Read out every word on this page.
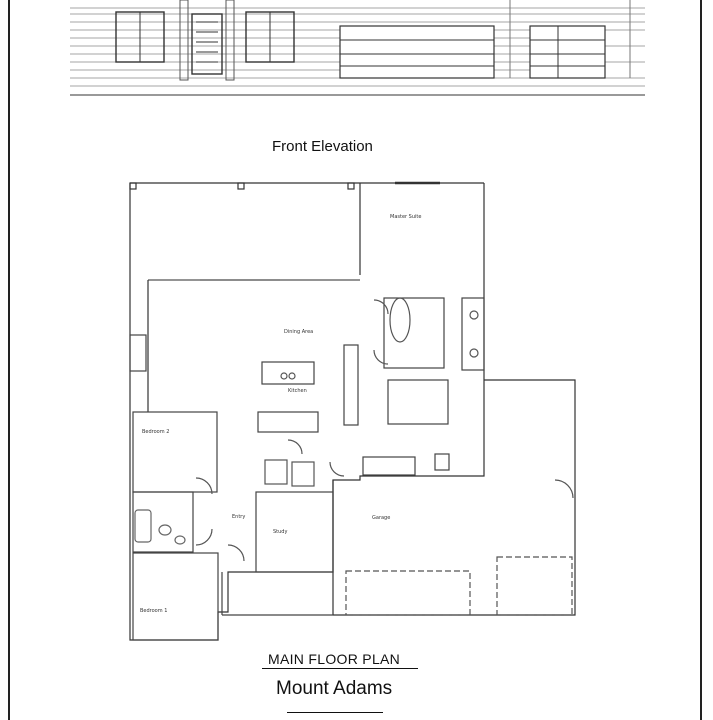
Master Suite
Dining Area
Kitchen
Bedroom 2
Bedroom 1
Entry
Study
Garage
Front Elevation
MAIN FLOOR PLAN
Mount Adams
